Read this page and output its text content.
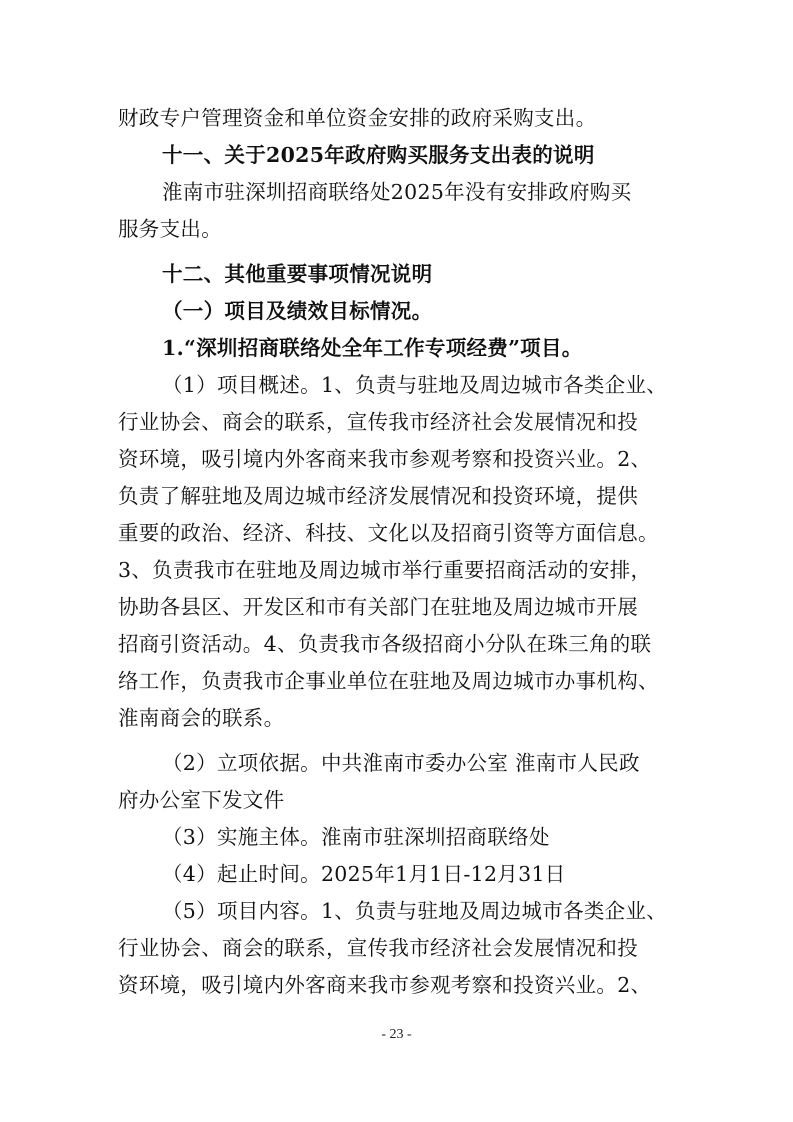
财政专户管理资金和单位资金安排的政府采购支出。
十一、关于2025年政府购买服务支出表的说明
淮南市驻深圳招商联络处2025年没有安排政府购买
服务支出。
十二、其他重要事项情况说明
（一）项目及绩效目标情况。
1.“深圳招商联络处全年工作专项经费”项目。
（1）项目概述。1、负责与驻地及周边城市各类企业、
行业协会、商会的联系，宣传我市经济社会发展情况和投
资环境，吸引境内外客商来我市参观考察和投资兴业。2、
负责了解驻地及周边城市经济发展情况和投资环境，提供
重要的政治、经济、科技、文化以及招商引资等方面信息。
3、负责我市在驻地及周边城市举行重要招商活动的安排，
协助各县区、开发区和市有关部门在驻地及周边城市开展
招商引资活动。4、负责我市各级招商小分队在珠三角的联
络工作，负责我市企事业单位在驻地及周边城市办事机构、
淮南商会的联系。
（2）立项依据。中共淮南市委办公室 淮南市人民政
府办公室下发文件
（3）实施主体。淮南市驻深圳招商联络处
（4）起止时间。2025年1月1日-12月31日
（5）项目内容。1、负责与驻地及周边城市各类企业、
行业协会、商会的联系，宣传我市经济社会发展情况和投
资环境，吸引境内外客商来我市参观考察和投资兴业。2、
- 23 -
